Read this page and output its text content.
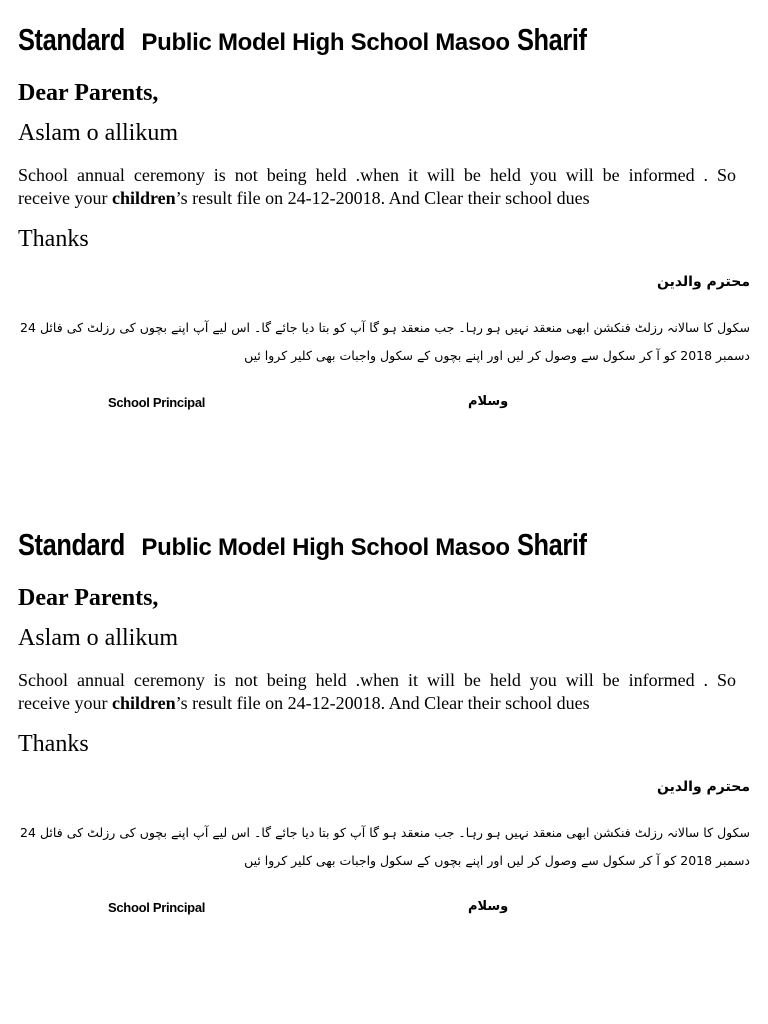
Standard Public Model High School Masoo Sharif
Dear Parents,
Aslam o allikum
School annual ceremony is not being held .when it will be held you will be informed . So
receive your children’s result file on 24-12-20018. And Clear their school dues
Thanks
محترم والدین
سکول کا سالانہ رزلٹ فنکشن ابھی منعقد نہیں ہو رہا۔ جب منعقد ہو گا آپ کو بتا دیا جائے گا۔ اس لیے آپ اپنے بچوں کی رزلٹ کی فائل 24 دسمبر 2018 کو آ کر سکول سے وصول کر لیں اور اپنے بچوں کے سکول واجبات بھی کلیر کروا ئیں
School Principal	وسلام
Standard Public Model High School Masoo Sharif
Dear Parents,
Aslam o allikum
School annual ceremony is not being held .when it will be held you will be informed . So
receive your children’s result file on 24-12-20018. And Clear their school dues
Thanks
محترم والدین
سکول کا سالانہ رزلٹ فنکشن ابھی منعقد نہیں ہو رہا۔ جب منعقد ہو گا آپ کو بتا دیا جائے گا۔ اس لیے آپ اپنے بچوں کی رزلٹ کی فائل 24 دسمبر 2018 کو آ کر سکول سے وصول کر لیں اور اپنے بچوں کے سکول واجبات بھی کلیر کروا ئیں
School Principal	وسلام
